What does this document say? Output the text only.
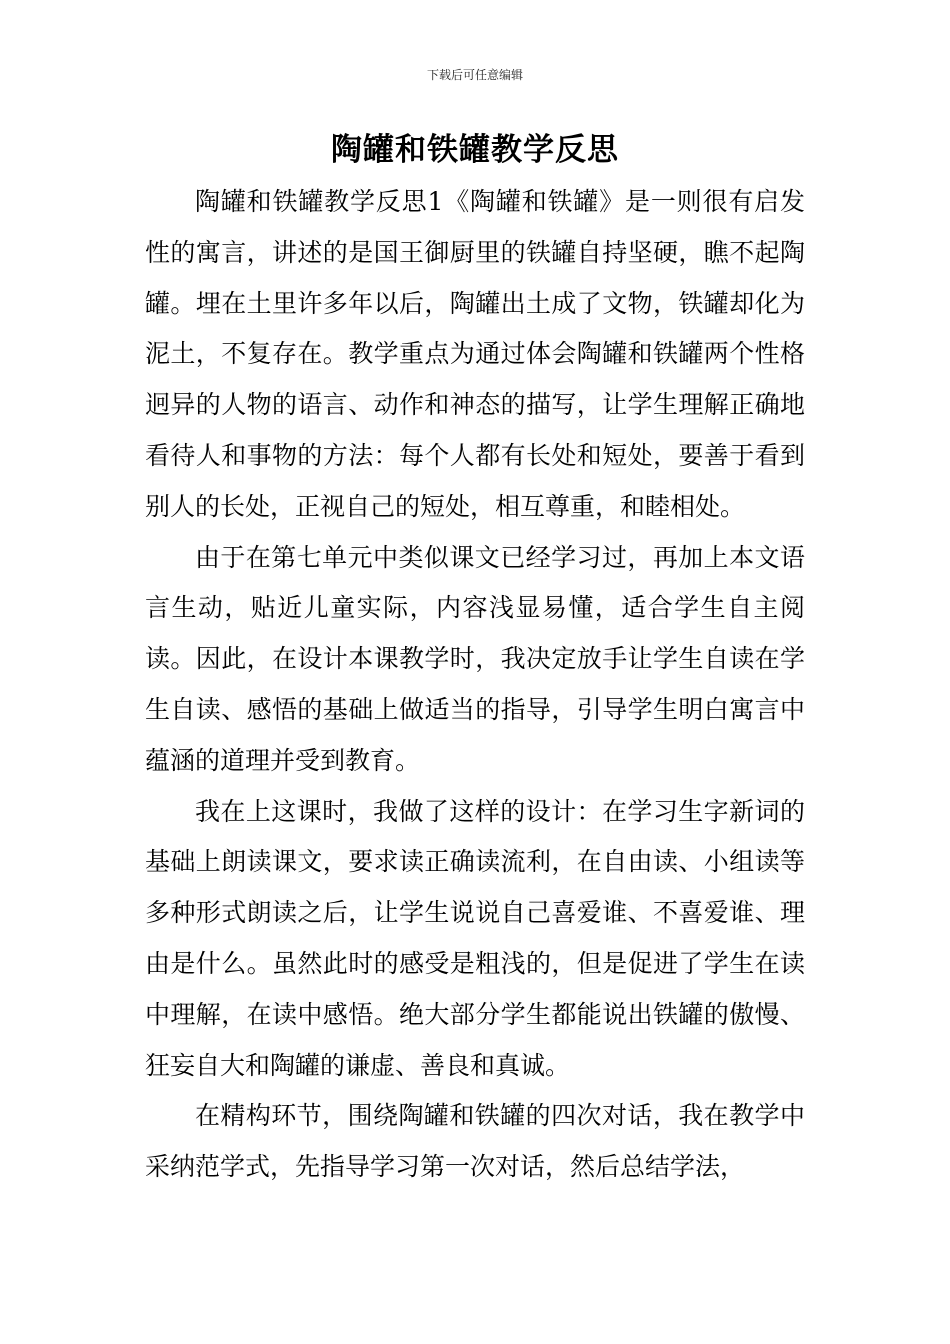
下载后可任意编辑
陶罐和铁罐教学反思

陶罐和铁罐教学反思1《陶罐和铁罐》是一则很有启发性的寓言，讲述的是国王御厨里的铁罐自持坚硬，瞧不起陶罐。埋在土里许多年以后，陶罐出土成了文物，铁罐却化为泥土，不复存在。教学重点为通过体会陶罐和铁罐两个性格迥异的人物的语言、动作和神态的描写，让学生理解正确地看待人和事物的方法：每个人都有长处和短处，要善于看到别人的长处，正视自己的短处，相互尊重，和睦相处。

由于在第七单元中类似课文已经学习过，再加上本文语言生动，贴近儿童实际，内容浅显易懂，适合学生自主阅读。因此，在设计本课教学时，我决定放手让学生自读在学生自读、感悟的基础上做适当的指导，引导学生明白寓言中蕴涵的道理并受到教育。

我在上这课时，我做了这样的设计：在学习生字新词的基础上朗读课文，要求读正确读流利，在自由读、小组读等多种形式朗读之后，让学生说说自己喜爱谁、不喜爱谁、理由是什么。虽然此时的感受是粗浅的，但是促进了学生在读中理解，在读中感悟。绝大部分学生都能说出铁罐的傲慢、狂妄自大和陶罐的谦虚、善良和真诚。

在精构环节，围绕陶罐和铁罐的四次对话，我在教学中采纳范学式，先指导学习第一次对话，然后总结学法，
